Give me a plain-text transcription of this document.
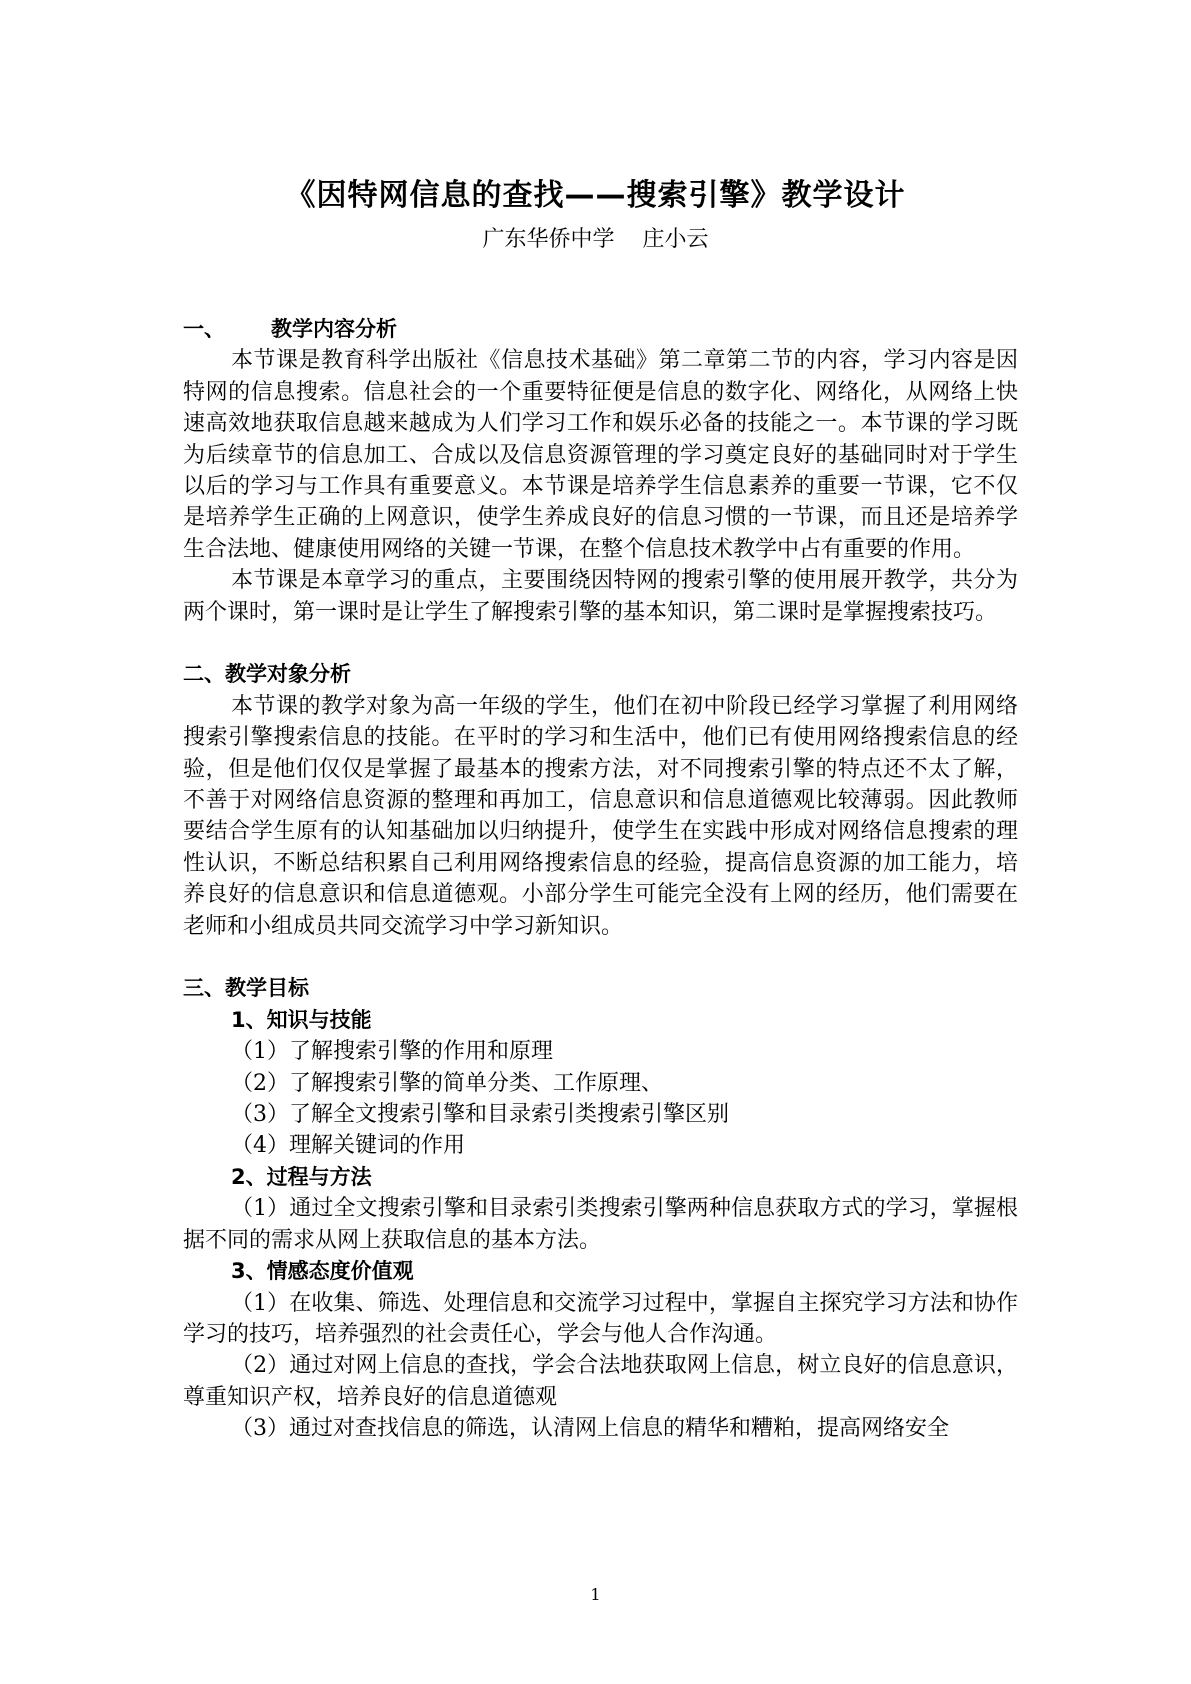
《因特网信息的查找——搜索引擎》教学设计
广东华侨中学 庄小云
一、 教学内容分析

本节课是教育科学出版社《信息技术基础》第二章第二节的内容，学习内容是因特网的信息搜索。信息社会的一个重要特征便是信息的数字化、网络化，从网络上快速高效地获取信息越来越成为人们学习工作和娱乐必备的技能之一。本节课的学习既为后续章节的信息加工、合成以及信息资源管理的学习奠定良好的基础同时对于学生以后的学习与工作具有重要意义。本节课是培养学生信息素养的重要一节课，它不仅是培养学生正确的上网意识，使学生养成良好的信息习惯的一节课，而且还是培养学生合法地、健康使用网络的关键一节课，在整个信息技术教学中占有重要的作用。

本节课是本章学习的重点，主要围绕因特网的搜索引擎的使用展开教学，共分为两个课时，第一课时是让学生了解搜索引擎的基本知识，第二课时是掌握搜索技巧。

二、教学对象分析

本节课的教学对象为高一年级的学生，他们在初中阶段已经学习掌握了利用网络搜索引擎搜索信息的技能。在平时的学习和生活中，他们已有使用网络搜索信息的经验，但是他们仅仅是掌握了最基本的搜索方法，对不同搜索引擎的特点还不太了解，不善于对网络信息资源的整理和再加工，信息意识和信息道德观比较薄弱。因此教师要结合学生原有的认知基础加以归纳提升，使学生在实践中形成对网络信息搜索的理性认识，不断总结积累自己利用网络搜索信息的经验，提高信息资源的加工能力，培养良好的信息意识和信息道德观。小部分学生可能完全没有上网的经历，他们需要在老师和小组成员共同交流学习中学习新知识。

三、教学目标
1、知识与技能

（1）了解搜索引擎的作用和原理

（2）了解搜索引擎的简单分类、工作原理、

（3）了解全文搜索引擎和目录索引类搜索引擎区别

（4）理解关键词的作用

2、过程与方法

（1）通过全文搜索引擎和目录索引类搜索引擎两种信息获取方式的学习，掌握根据不同的需求从网上获取信息的基本方法。

3、情感态度价值观

（1）在收集、筛选、处理信息和交流学习过程中，掌握自主探究学习方法和协作学习的技巧，培养强烈的社会责任心，学会与他人合作沟通。

（2）通过对网上信息的查找，学会合法地获取网上信息，树立良好的信息意识，尊重知识产权，培养良好的信息道德观

（3）通过对查找信息的筛选，认清网上信息的精华和糟粕，提高网络安全

1
